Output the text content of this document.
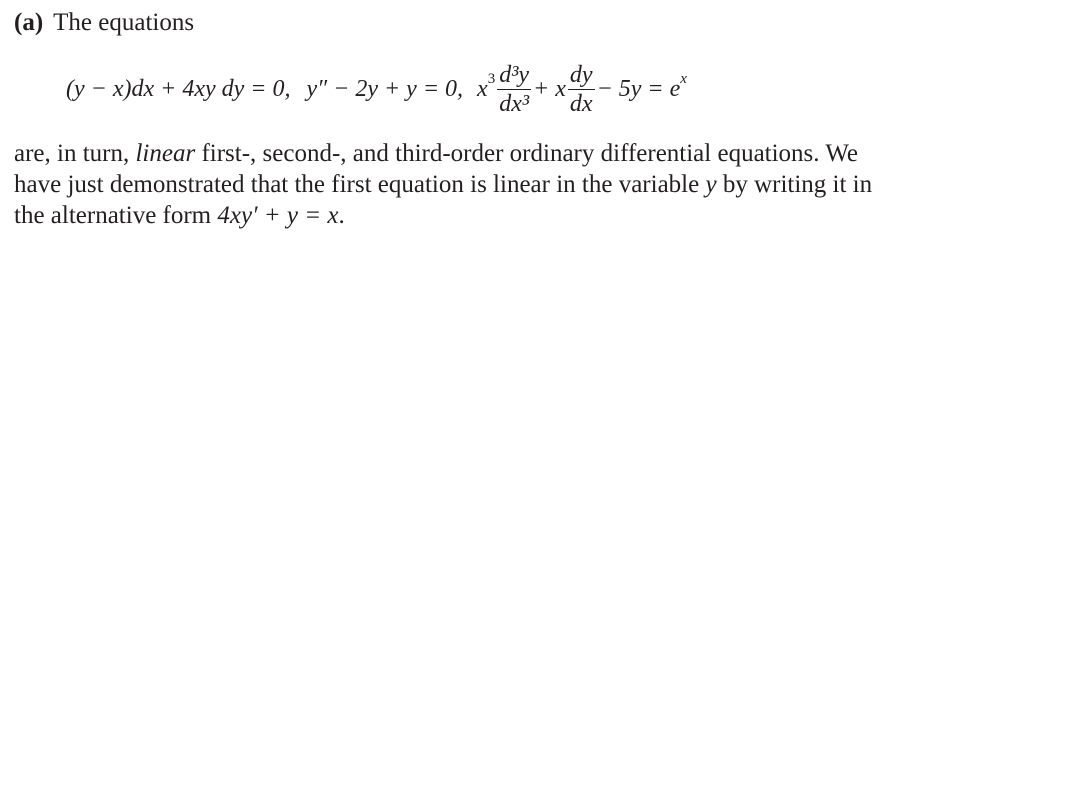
(a) The equations
(y − x)dx + 4xy dy = 0, y″ − 2y + y = 0, x $3 \frac{\text{d³y}}{\text{dx³}} + x \frac{dy}{dx} - 5y = e$ x

are, in turn, linear first-, second-, and third-order ordinary differential equations. We

have just demonstrated that the first equation is linear in the variable y by writing it in

the alternative form 4xy′ + y = x.
